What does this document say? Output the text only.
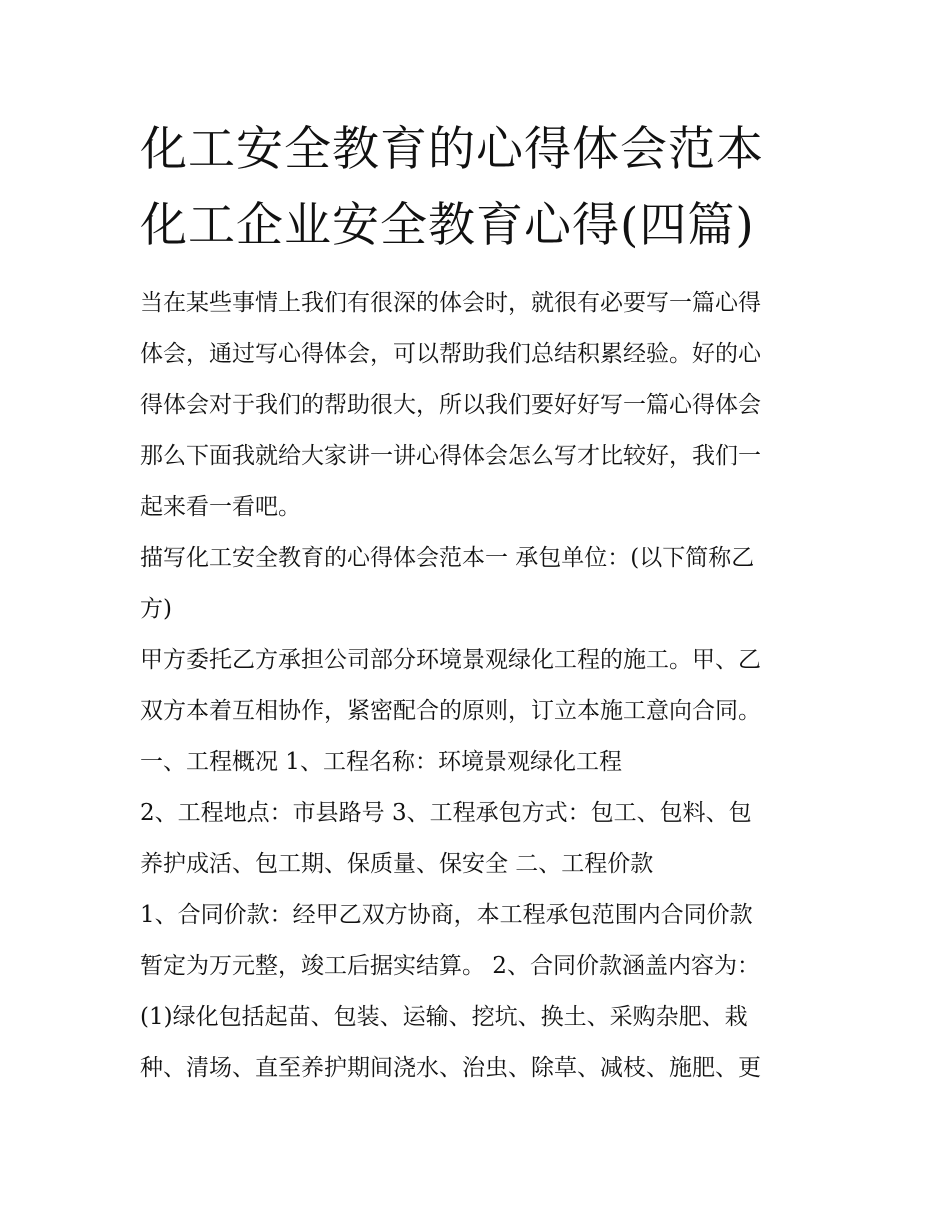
化工安全教育的心得体会范本
化工企业安全教育心得(四篇)
当在某些事情上我们有很深的体会时，就很有必要写一篇心得
体会，通过写心得体会，可以帮助我们总结积累经验。好的心
得体会对于我们的帮助很大，所以我们要好好写一篇心得体会
那么下面我就给大家讲一讲心得体会怎么写才比较好，我们一
起来看一看吧。
描写化工安全教育的心得体会范本一 承包单位：(以下简称乙
方)
甲方委托乙方承担公司部分环境景观绿化工程的施工。甲、乙
双方本着互相协作，紧密配合的原则，订立本施工意向合同。
一、工程概况 1、工程名称：环境景观绿化工程
2、工程地点：市县路号 3、工程承包方式：包工、包料、包
养护成活、包工期、保质量、保安全 二、工程价款
1、合同价款：经甲乙双方协商，本工程承包范围内合同价款
暂定为万元整，竣工后据实结算。 2、合同价款涵盖内容为：
(1)绿化包括起苗、包装、运输、挖坑、换土、采购杂肥、栽
种、清场、直至养护期间浇水、治虫、除草、减枝、施肥、更
